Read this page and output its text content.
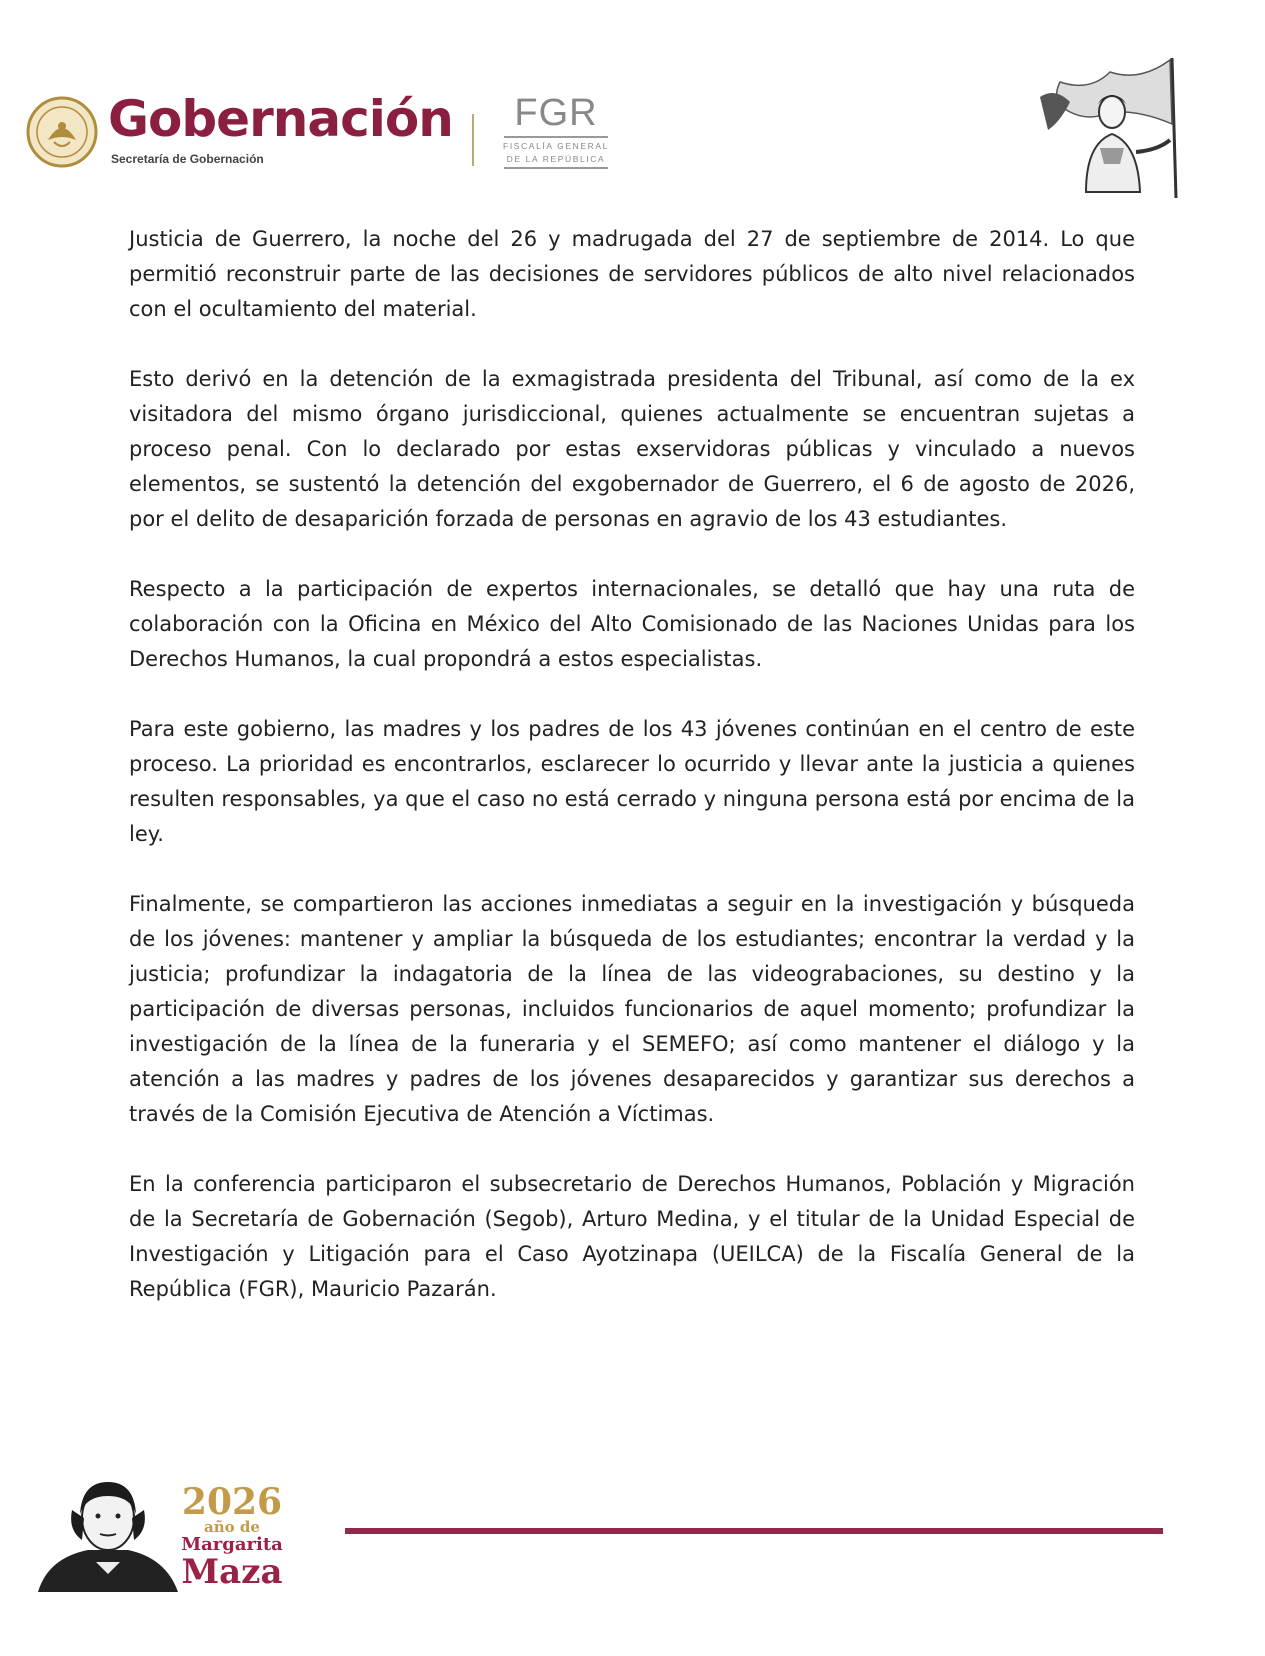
Gobernación
Secretaría de Gobernación
FGR
FISCALÍA GENERAL
DE LA REPÚBLICA

Justicia de Guerrero, la noche del 26 y madrugada del 27 de septiembre de 2014. Lo que permitió reconstruir parte de las decisiones de servidores públicos de alto nivel relacionados con el ocultamiento del material.

Esto derivó en la detención de la exmagistrada presidenta del Tribunal, así como de la ex visitadora del mismo órgano jurisdiccional, quienes actualmente se encuentran sujetas a proceso penal. Con lo declarado por estas exservidoras públicas y vinculado a nuevos elementos, se sustentó la detención del exgobernador de Guerrero, el 6 de agosto de 2026, por el delito de desaparición forzada de personas en agravio de los 43 estudiantes.

Respecto a la participación de expertos internacionales, se detalló que hay una ruta de colaboración con la Oficina en México del Alto Comisionado de las Naciones Unidas para los Derechos Humanos, la cual propondrá a estos especialistas.

Para este gobierno, las madres y los padres de los 43 jóvenes continúan en el centro de este proceso. La prioridad es encontrarlos, esclarecer lo ocurrido y llevar ante la justicia a quienes resulten responsables, ya que el caso no está cerrado y ninguna persona está por encima de la ley.

Finalmente, se compartieron las acciones inmediatas a seguir en la investigación y búsqueda de los jóvenes: mantener y ampliar la búsqueda de los estudiantes; encontrar la verdad y la justicia; profundizar la indagatoria de la línea de las videograbaciones, su destino y la participación de diversas personas, incluidos funcionarios de aquel momento; profundizar la investigación de la línea de la funeraria y el SEMEFO; así como mantener el diálogo y la atención a las madres y padres de los jóvenes desaparecidos y garantizar sus derechos a través de la Comisión Ejecutiva de Atención a Víctimas.

En la conferencia participaron el subsecretario de Derechos Humanos, Población y Migración de la Secretaría de Gobernación (Segob), Arturo Medina, y el titular de la Unidad Especial de Investigación y Litigación para el Caso Ayotzinapa (UEILCA) de la Fiscalía General de la República (FGR), Mauricio Pazarán.

2026
año de
Margarita
Maza
